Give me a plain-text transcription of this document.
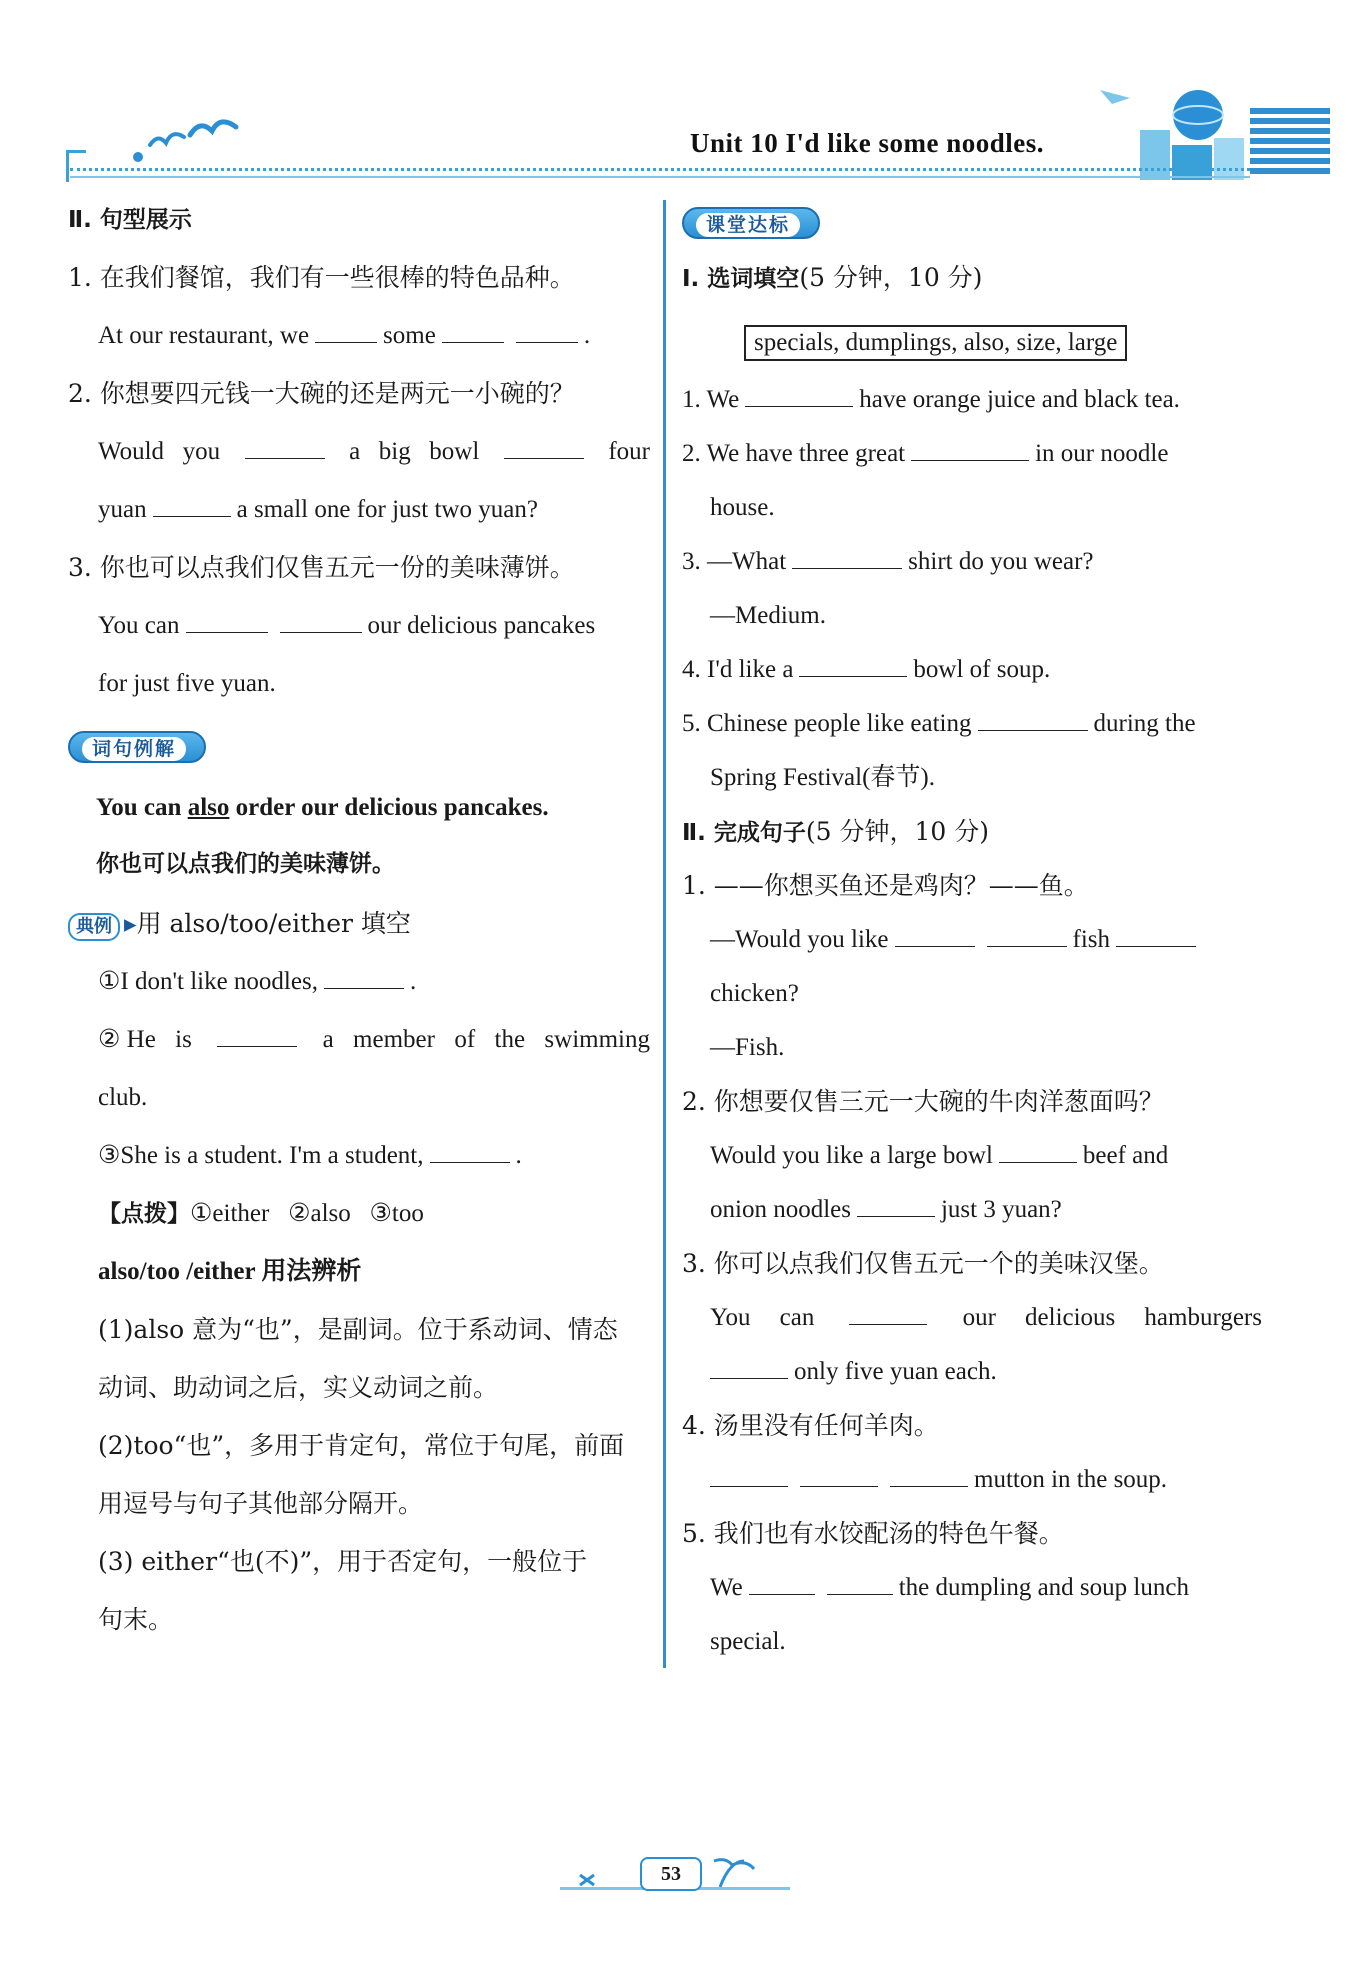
Unit 10 I'd like some noodles.
Ⅱ. 句型展示
1. 在我们餐馆，我们有一些很棒的特色品种。
At our restaurant, we	some	.
2. 你想要四元钱一大碗的还是两元一小碗的？
Would you	a big bowl	four
yuan	a small one for just two yuan?
3. 你也可以点我们仅售五元一份的美味薄饼。
You can	our delicious pancakes
for just five yuan.
词句例解
You can also order our delicious pancakes.
你也可以点我们的美味薄饼。
典例 ▸用 also/too/either 填空
①I don't like noodles,	.
② He is	a member of the swimming
club.
③She is a student. I'm a student,	.
【点拨】①either   ②also   ③too
also/too /either 用法辨析
(1)also 意为“也”，是副词。位于系动词、情态
动词、助动词之后，实义动词之前。
(2)too“也”，多用于肯定句，常位于句尾，前面
用逗号与句子其他部分隔开。
(3) either“也(不)”，用于否定句，一般位于
句末。
课堂达标
Ⅰ. 选词填空(5 分钟，10 分)
specials, dumplings, also, size, large
1. We	have orange juice and black tea.
2. We have three great	in our noodle
house.
3. —What	shirt do you wear?
—Medium.
4. I'd like a	bowl of soup.
5. Chinese people like eating	during the
Spring Festival(春节).
Ⅱ. 完成句子(5 分钟，10 分)
1. ——你想买鱼还是鸡肉？——鱼。
—Would you like	fish
chicken?
—Fish.
2. 你想要仅售三元一大碗的牛肉洋葱面吗？
Would you like a large bowl	beef and
onion noodles	just 3 yuan?
3. 你可以点我们仅售五元一个的美味汉堡。
You can	our delicious hamburgers
only five yuan each.
4. 汤里没有任何羊肉。
mutton in the soup.
5. 我们也有水饺配汤的特色午餐。
We	the dumpling and soup lunch
special.
53
